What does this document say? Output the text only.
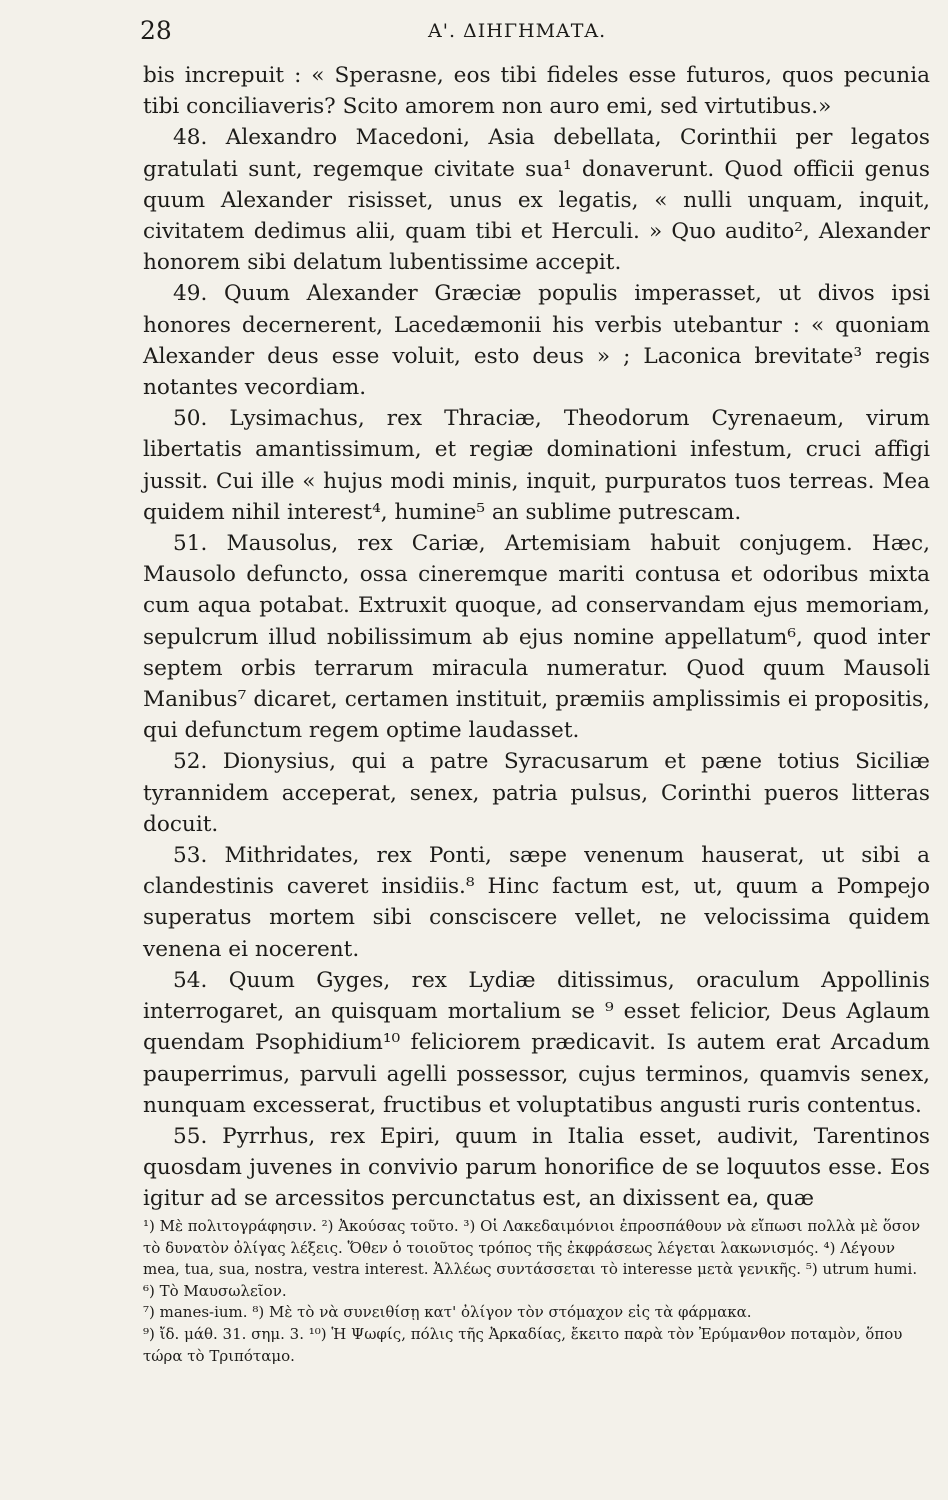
28	Α'. ΔΙΗΓΗΜΑΤΑ.

bis increpuit : « Sperasne, eos tibi fideles esse futuros, quos pecunia tibi conciliaveris? Scito amorem non auro emi, sed virtutibus.»

48. Alexandro Macedoni, Asia debellata, Corinthii per legatos gratulati sunt, regemque civitate sua¹ donaverunt. Quod officii genus quum Alexander risisset, unus ex legatis, « nulli unquam, inquit, civitatem dedimus alii, quam tibi et Herculi. » Quo audito², Alexander honorem sibi delatum lubentissime accepit.

49. Quum Alexander Græciæ populis imperasset, ut divos ipsi honores decernerent, Lacedæmonii his verbis utebantur : « quoniam Alexander deus esse voluit, esto deus » ; Laconica brevitate³ regis notantes vecordiam.

50. Lysimachus, rex Thraciæ, Theodorum Cyrenaeum, virum libertatis amantissimum, et regiæ dominationi infestum, cruci affigi jussit. Cui ille « hujus modi minis, inquit, purpuratos tuos terreas. Mea quidem nihil interest⁴, humine⁵ an sublime putrescam.

51. Mausolus, rex Cariæ, Artemisiam habuit conjugem. Hæc, Mausolo defuncto, ossa cineremque mariti contusa et odoribus mixta cum aqua potabat. Extruxit quoque, ad conservandam ejus memoriam, sepulcrum illud nobilissimum ab ejus nomine appellatum⁶, quod inter septem orbis terrarum miracula numeratur. Quod quum Mausoli Manibus⁷ dicaret, certamen instituit, præmiis amplissimis ei propositis, qui defunctum regem optime laudasset.

52. Dionysius, qui a patre Syracusarum et pæne totius Siciliæ tyrannidem acceperat, senex, patria pulsus, Corinthi pueros litteras docuit.

53. Mithridates, rex Ponti, sæpe venenum hauserat, ut sibi a clandestinis caveret insidiis.⁸ Hinc factum est, ut, quum a Pompejo superatus mortem sibi consciscere vellet, ne velocissima quidem venena ei nocerent.

54. Quum Gyges, rex Lydiæ ditissimus, oraculum Appollinis interrogaret, an quisquam mortalium se ⁹ esset felicior, Deus Aglaum quendam Psophidium¹⁰ feliciorem prædicavit. Is autem erat Arcadum pauperrimus, parvuli agelli possessor, cujus terminos, quamvis senex, nunquam excesserat, fructibus et voluptatibus angusti ruris contentus.

55. Pyrrhus, rex Epiri, quum in Italia esset, audivit, Tarentinos quosdam juvenes in convivio parum honorifice de se loquutos esse. Eos igitur ad se arcessitos percunctatus est, an dixissent ea, quæ

¹) Μὲ πολιτογράφησιν. ²) Ἀκούσας τοῦτο. ³) Οἱ Λακεδαιμόνιοι ἐπροσπάθουν νὰ εἴπωσι πολλὰ μὲ ὅσον τὸ δυνατὸν ὀλίγας λέξεις. Ὅθεν ὁ τοιοῦτος τρόπος τῆς ἐκφράσεως λέγεται λακωνισμός. ⁴) Λέγουν mea, tua, sua, nostra, vestra interest. Ἀλλέως συντάσσεται τὸ interesse μετὰ γενικῆς. ⁵) utrum humi. ⁶) Τὸ Μαυσωλεῖον.

⁷) manes-ium. ⁸) Μὲ τὸ νὰ συνειθίσῃ κατ' ὀλίγον τὸν στόμαχον εἰς τὰ φάρμακα.

⁹) ἴδ. μάθ. 31. σημ. 3. ¹⁰) Ἡ Ψωφίς, πόλις τῆς Ἀρκαδίας, ἔκειτο παρὰ τὸν Ἐρύμανθον ποταμὸν, ὅπου τώρα τὸ Τριπόταμο.
